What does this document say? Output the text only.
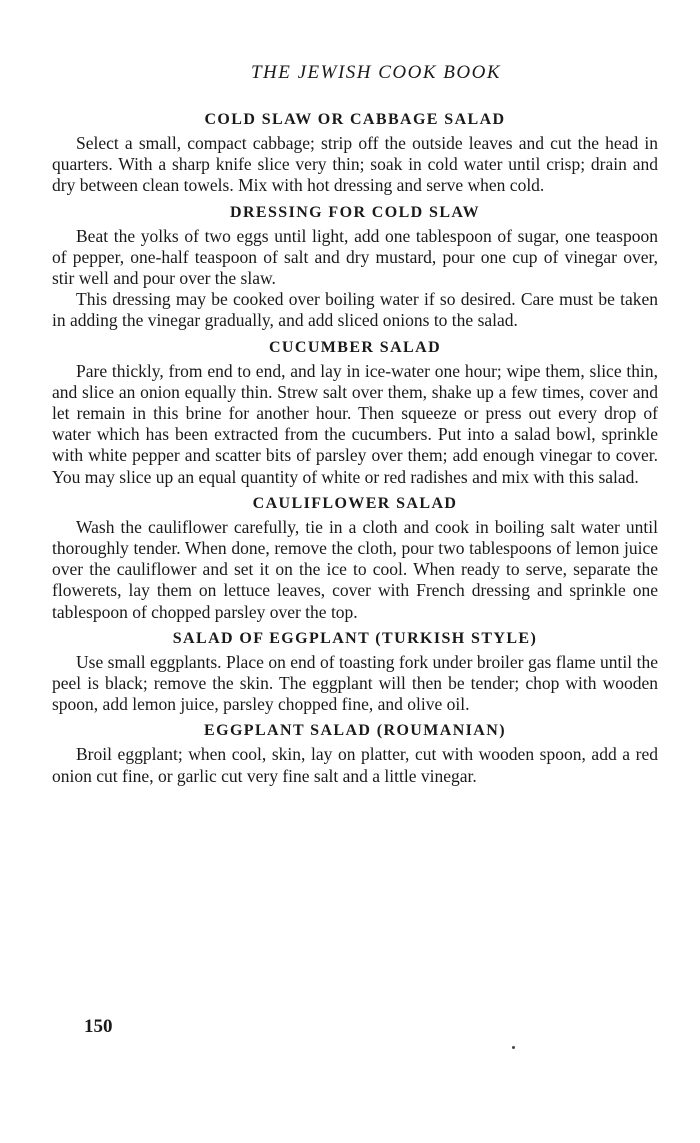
THE JEWISH COOK BOOK
COLD SLAW OR CABBAGE SALAD

Select a small, compact cabbage; strip off the outside leaves and cut the head in quarters. With a sharp knife slice very thin; soak in cold water until crisp; drain and dry between clean towels. Mix with hot dressing and serve when cold.

DRESSING FOR COLD SLAW

Beat the yolks of two eggs until light, add one tablespoon of sugar, one teaspoon of pepper, one-half teaspoon of salt and dry mustard, pour one cup of vinegar over, stir well and pour over the slaw.

This dressing may be cooked over boiling water if so desired. Care must be taken in adding the vinegar gradually, and add sliced onions to the salad.

CUCUMBER SALAD

Pare thickly, from end to end, and lay in ice-water one hour; wipe them, slice thin, and slice an onion equally thin. Strew salt over them, shake up a few times, cover and let remain in this brine for another hour. Then squeeze or press out every drop of water which has been extracted from the cucumbers. Put into a salad bowl, sprinkle with white pepper and scatter bits of parsley over them; add enough vinegar to cover. You may slice up an equal quantity of white or red radishes and mix with this salad.

CAULIFLOWER SALAD

Wash the cauliflower carefully, tie in a cloth and cook in boiling salt water until thoroughly tender. When done, remove the cloth, pour two tablespoons of lemon juice over the cauliflower and set it on the ice to cool. When ready to serve, separate the flowerets, lay them on lettuce leaves, cover with French dressing and sprinkle one tablespoon of chopped parsley over the top.

SALAD OF EGGPLANT (TURKISH STYLE)

Use small eggplants. Place on end of toasting fork under broiler gas flame until the peel is black; remove the skin. The eggplant will then be tender; chop with wooden spoon, add lemon juice, parsley chopped fine, and olive oil.

EGGPLANT SALAD (ROUMANIAN)

Broil eggplant; when cool, skin, lay on platter, cut with wooden spoon, add a red onion cut fine, or garlic cut very fine salt and a little vinegar.

150
